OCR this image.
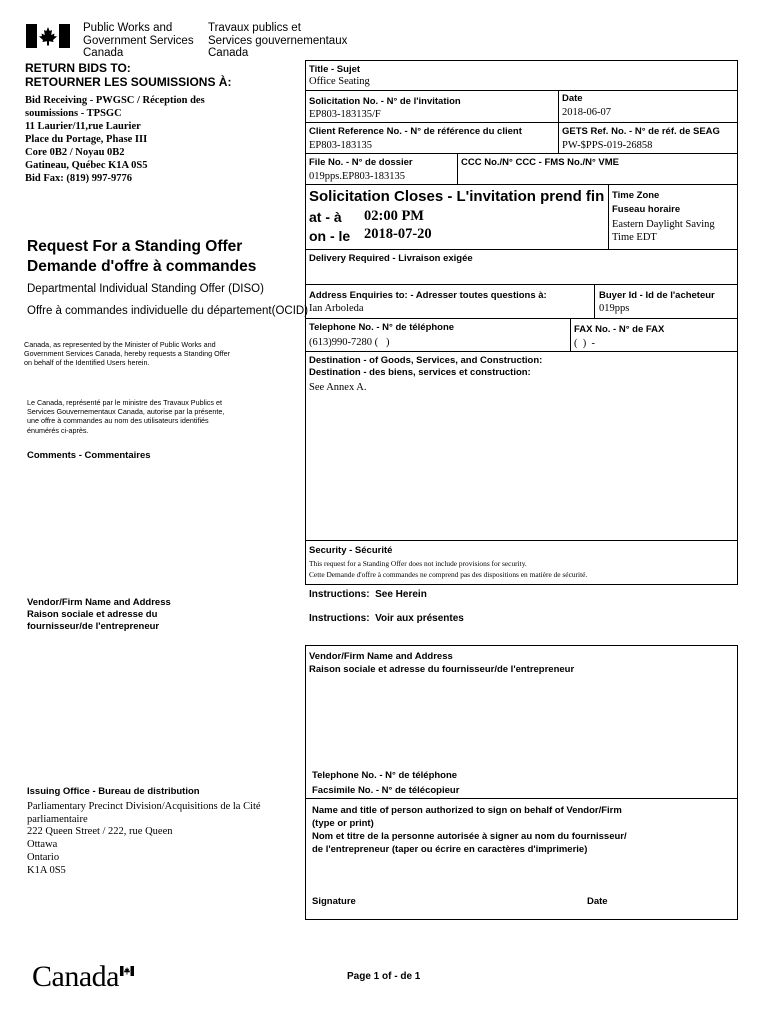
Public Works and
Government Services
Canada
Travaux publics et
Services gouvernementaux
Canada
RETURN BIDS TO:
RETOURNER LES SOUMISSIONS À:
Bid Receiving - PWGSC / Réception des
soumissions - TPSGC
11 Laurier/11,rue Laurier
Place du Portage, Phase III
Core 0B2 / Noyau 0B2
Gatineau, Québec K1A 0S5
Bid Fax: (819) 997-9776
Request For a Standing Offer
Demande d'offre à commandes
Departmental Individual Standing Offer (DISO)
Offre à commandes individuelle du département(OCID)
Canada, as represented by the Minister of Public Works and
Government Services Canada, hereby requests a Standing Offer
on behalf of the Identified Users herein.
Le Canada, représenté par le ministre des Travaux Publics et
Services Gouvernementaux Canada, autorise par la présente,
une offre à commandes au nom des utilisateurs identifiés
énumérés ci-après.
Comments - Commentaires
Vendor/Firm Name and Address
Raison sociale et adresse du
fournisseur/de l'entrepreneur
Issuing Office - Bureau de distribution
Parliamentary Precinct Division/Acquisitions de la Cité
parliamentaire
222 Queen Street / 222, rue Queen
Ottawa
Ontario
K1A 0S5
Title - Sujet
Office Seating
Solicitation No. - N° de l'invitation
EP803-183135/F
Date
2018-06-07
Client Reference No. - N° de référence du client
EP803-183135
GETS Ref. No. - N° de réf. de SEAG
PW-$PPS-019-26858
File No. - N° de dossier
019pps.EP803-183135
CCC No./N° CCC - FMS No./N° VME
Solicitation Closes - L'invitation prend fin
at - à 02:00 PM
on - le 2018-07-20
Time Zone
Fuseau horaire
Eastern Daylight Saving
Time EDT
Delivery Required - Livraison exigée
Address Enquiries to: - Adresser toutes questions à:
Ian Arboleda
Buyer Id - Id de l'acheteur
019pps
Telephone No. - N° de téléphone
(613)990-7280 (   )
FAX No. - N° de FAX
(  )  -
Destination - of Goods, Services, and Construction:
Destination - des biens, services et construction:
See Annex A.
Security - Sécurité
This request for a Standing Offer does not include provisions for security.
Cette Demande d'offre à commandes ne comprend pas des dispositions en matière de sécurité.
Instructions:  See Herein
Instructions:  Voir aux présentes
Vendor/Firm Name and Address
Raison sociale et adresse du fournisseur/de l'entrepreneur
Telephone No. - N° de téléphone
Facsimile No. - N° de télécopieur
Name and title of person authorized to sign on behalf of Vendor/Firm
(type or print)
Nom et titre de la personne autorisée à signer au nom du fournisseur/
de l'entrepreneur (taper ou écrire en caractères d'imprimerie)
Signature	Date
Canada	Page 1 of - de 1
